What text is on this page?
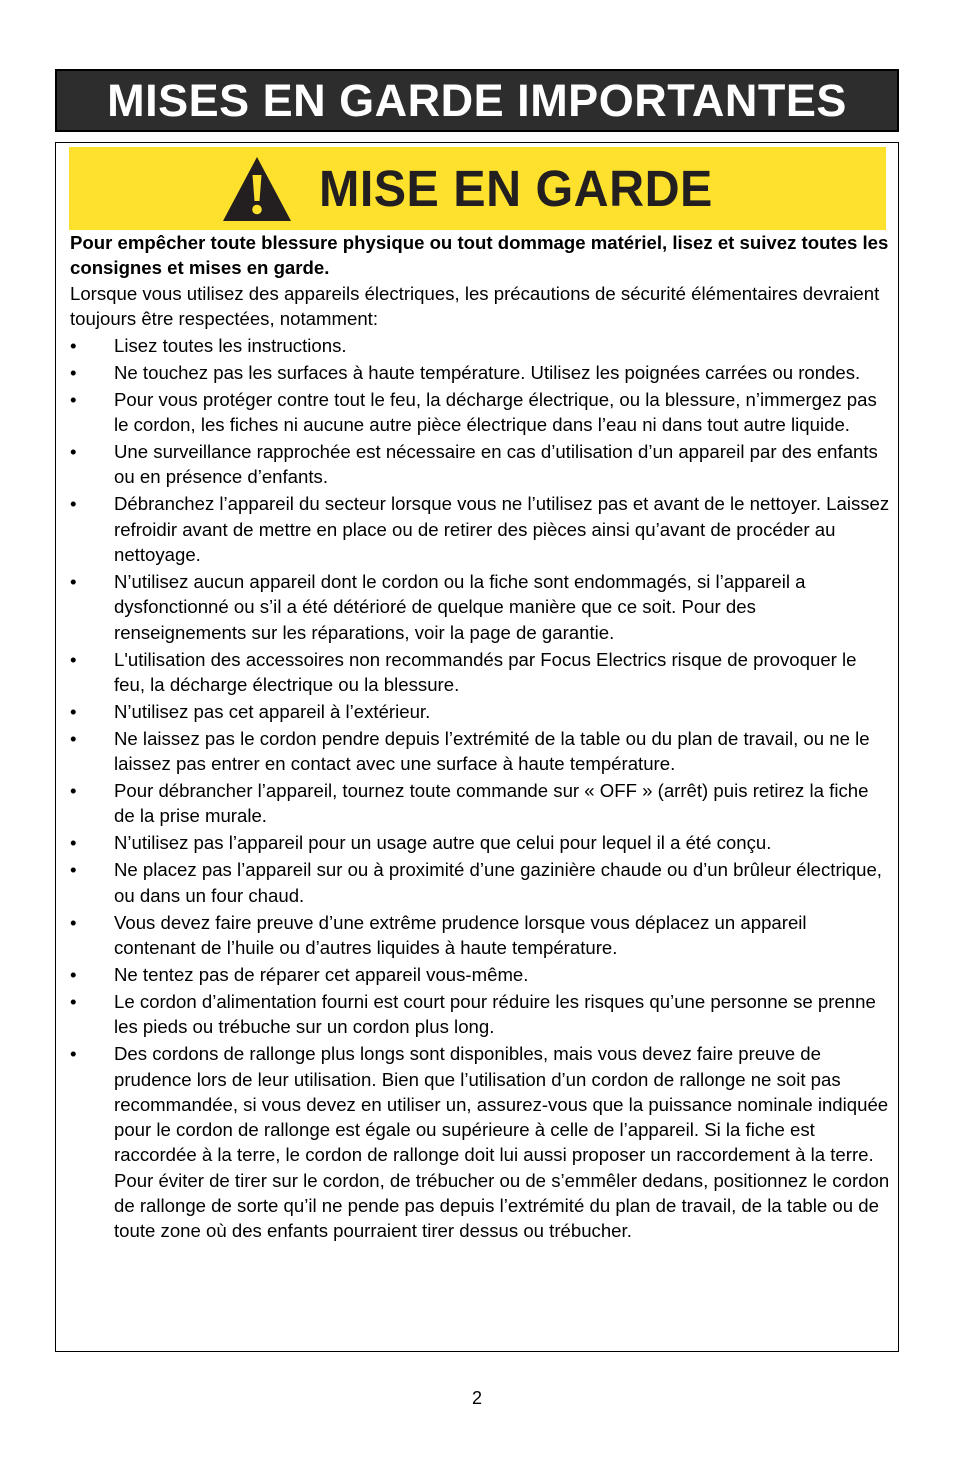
MISES EN GARDE IMPORTANTES
MISE EN GARDE

Pour empêcher toute blessure physique ou tout dommage matériel, lisez et suivez toutes les consignes et mises en garde.

Lorsque vous utilisez des appareils électriques, les précautions de sécurité élémentaires devraient toujours être respectées, notamment:

•	Lisez toutes les instructions.
•	Ne touchez pas les surfaces à haute température. Utilisez les poignées carrées ou rondes.
•	Pour vous protéger contre tout le feu, la décharge électrique, ou la blessure, n’immergez pas le cordon, les fiches ni aucune autre pièce électrique dans l’eau ni dans tout autre liquide.
•	Une surveillance rapprochée est nécessaire en cas d’utilisation d’un appareil par des enfants ou en présence d’enfants.
•	Débranchez l’appareil du secteur lorsque vous ne l’utilisez pas et avant de le nettoyer. Laissez refroidir avant de mettre en place ou de retirer des pièces ainsi qu’avant de procéder au nettoyage.
•	N’utilisez aucun appareil dont le cordon ou la fiche sont endommagés, si l’appareil a dysfonctionné ou s’il a été détérioré de quelque manière que ce soit. Pour des renseignements sur les réparations, voir la page de garantie.
•	L'utilisation des accessoires non recommandés par Focus Electrics risque de provoquer le feu, la décharge électrique ou la blessure.
•	N’utilisez pas cet appareil à l’extérieur.
•	Ne laissez pas le cordon pendre depuis l’extrémité de la table ou du plan de travail, ou ne le laissez pas entrer en contact avec une surface à haute température.
•	Pour débrancher l’appareil, tournez toute commande sur « OFF » (arrêt) puis retirez la fiche de la prise murale.
•	N’utilisez pas l’appareil pour un usage autre que celui pour lequel il a été conçu.
•	Ne placez pas l’appareil sur ou à proximité d’une gazinière chaude ou d’un brûleur électrique, ou dans un four chaud.
•	Vous devez faire preuve d’une extrême prudence lorsque vous déplacez un appareil contenant de l’huile ou d’autres liquides à haute température.
•	Ne tentez pas de réparer cet appareil vous-même.
•	Le cordon d’alimentation fourni est court pour réduire les risques qu’une personne se prenne les pieds ou trébuche sur un cordon plus long.
•	Des cordons de rallonge plus longs sont disponibles, mais vous devez faire preuve de prudence lors de leur utilisation. Bien que l’utilisation d’un cordon de rallonge ne soit pas recommandée, si vous devez en utiliser un, assurez-vous que la puissance nominale indiquée pour le cordon de rallonge est égale ou supérieure à celle de l’appareil. Si la fiche est raccordée à la terre, le cordon de rallonge doit lui aussi proposer un raccordement à la terre. Pour éviter de tirer sur le cordon, de trébucher ou de s’emmêler dedans, positionnez le cordon de rallonge de sorte qu’il ne pende pas depuis l’extrémité du plan de travail, de la table ou de toute zone où des enfants pourraient tirer dessus ou trébucher.
2
